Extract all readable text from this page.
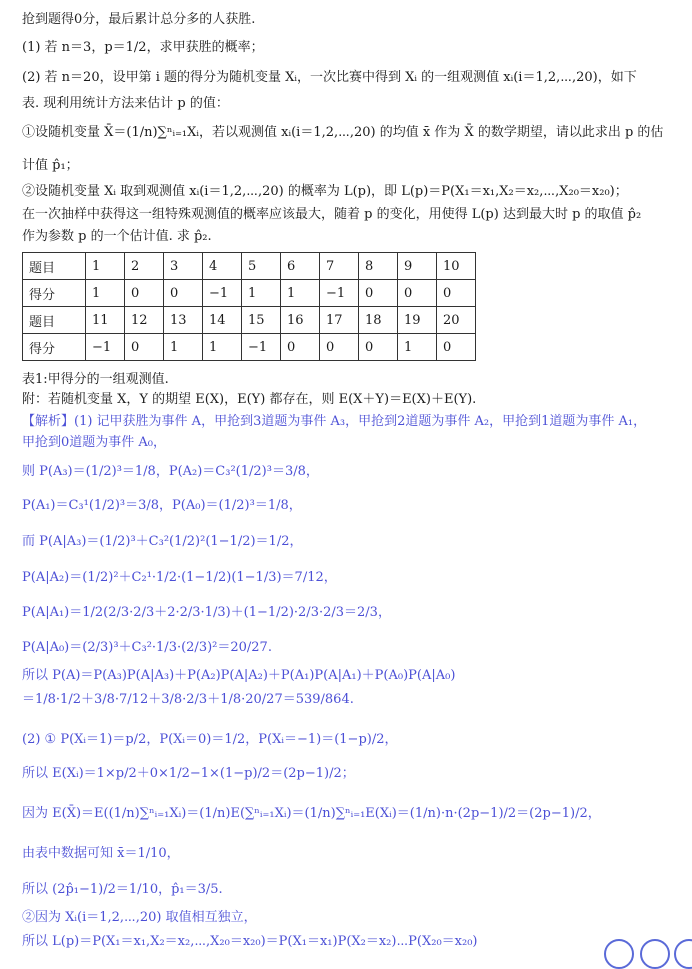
抢到题得0分，最后累计总分多的人获胜.
(1) 若 n＝3，p＝1/2，求甲获胜的概率；
(2) 若 n＝20，设甲第 i 题的得分为随机变量 Xᵢ，一次比赛中得到 Xᵢ 的一组观测值 xᵢ(i＝1,2,⋯,20)，如下
表. 现利用统计方法来估计 p 的值：
①设随机变量 X̄＝(1/n)∑ⁿᵢ₌₁Xᵢ，若以观测值 xᵢ(i＝1,2,⋯,20) 的均值 x̄ 作为 X̄ 的数学期望，请以此求出 p 的估
计值 p̂₁；
②设随机变量 Xᵢ 取到观测值 xᵢ(i＝1,2,⋯,20) 的概率为 L(p)，即 L(p)＝P(X₁＝x₁,X₂＝x₂,⋯,X₂₀＝x₂₀)；
在一次抽样中获得这一组特殊观测值的概率应该最大，随着 p 的变化，用使得 L(p) 达到最大时 p 的取值 p̂₂
作为参数 p 的一个估计值. 求 p̂₂.
题目	1	2	3	4	5	6	7	8	9	10
得分	1	0	0	−1	1	1	−1	0	0	0
题目	11	12	13	14	15	16	17	18	19	20
得分	−1	0	1	1	−1	0	0	0	1	0
表1:甲得分的一组观测值.
附：若随机变量 X，Y 的期望 E(X)，E(Y) 都存在，则 E(X＋Y)＝E(X)＋E(Y).
【解析】(1) 记甲获胜为事件 A，甲抢到3道题为事件 A₃，甲抢到2道题为事件 A₂，甲抢到1道题为事件 A₁，
甲抢到0道题为事件 A₀，
则 P(A₃)＝(1/2)³＝1/8，P(A₂)＝C₃²(1/2)³＝3/8，
P(A₁)＝C₃¹(1/2)³＝3/8，P(A₀)＝(1/2)³＝1/8，
而 P(A|A₃)＝(1/2)³＋C₃²(1/2)²(1−1/2)＝1/2，
P(A|A₂)＝(1/2)²＋C₂¹·1/2·(1−1/2)(1−1/3)＝7/12，
P(A|A₁)＝1/2(2/3·2/3＋2·2/3·1/3)＋(1−1/2)·2/3·2/3＝2/3，
P(A|A₀)＝(2/3)³＋C₃²·1/3·(2/3)²＝20/27.
所以 P(A)＝P(A₃)P(A|A₃)＋P(A₂)P(A|A₂)＋P(A₁)P(A|A₁)＋P(A₀)P(A|A₀)
＝1/8·1/2＋3/8·7/12＋3/8·2/3＋1/8·20/27＝539/864.
(2) ① P(Xᵢ＝1)＝p/2，P(Xᵢ＝0)＝1/2，P(Xᵢ＝−1)＝(1−p)/2，
所以 E(Xᵢ)＝1×p/2＋0×1/2−1×(1−p)/2＝(2p−1)/2；
因为 E(X̄)＝E((1/n)∑ⁿᵢ₌₁Xᵢ)＝(1/n)E(∑ⁿᵢ₌₁Xᵢ)＝(1/n)∑ⁿᵢ₌₁E(Xᵢ)＝(1/n)·n·(2p−1)/2＝(2p−1)/2，
由表中数据可知 x̄＝1/10，
所以 (2p̂₁−1)/2＝1/10，p̂₁＝3/5.
②因为 Xᵢ(i＝1,2,⋯,20) 取值相互独立，
所以 L(p)＝P(X₁＝x₁,X₂＝x₂,⋯,X₂₀＝x₂₀)＝P(X₁＝x₁)P(X₂＝x₂)⋯P(X₂₀＝x₂₀)
